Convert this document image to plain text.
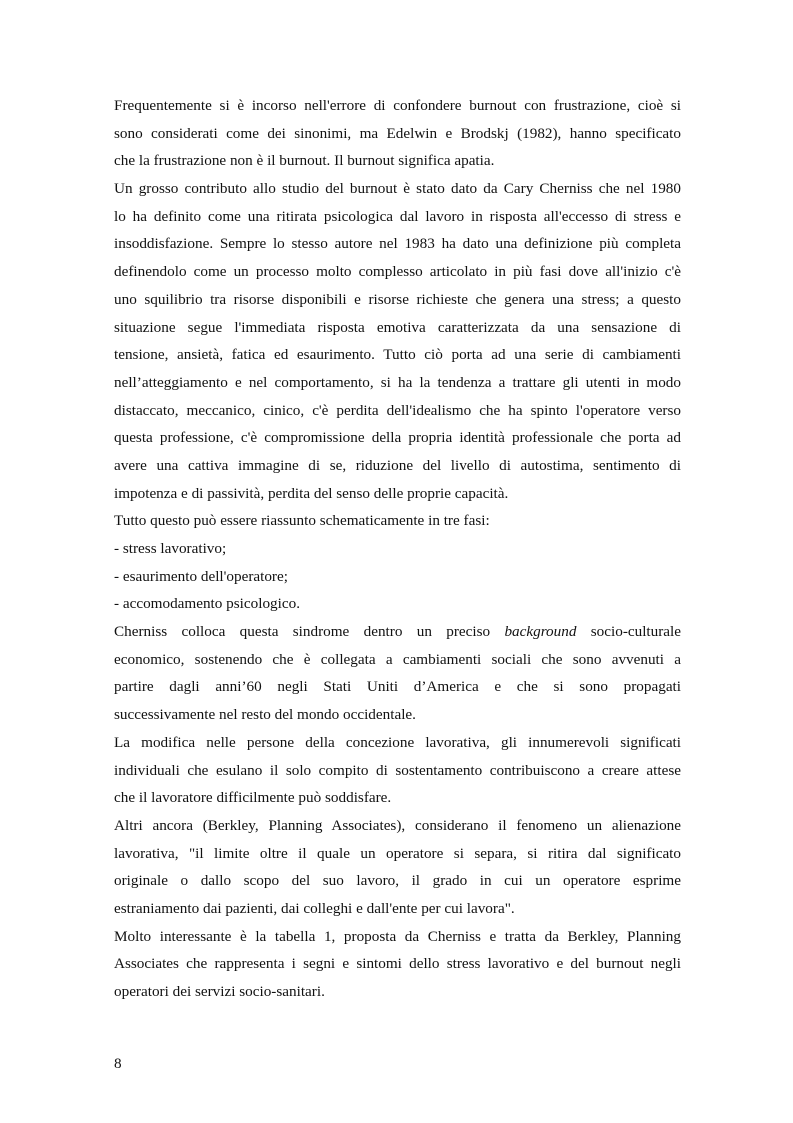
Frequentemente si è incorso nell'errore di confondere burnout con frustrazione, cioè si
sono considerati come dei sinonimi, ma Edelwin e Brodskj (1982), hanno specificato
che la frustrazione non è il burnout. Il burnout significa apatia.
Un grosso contributo allo studio del burnout è stato dato da Cary Cherniss che nel 1980
lo ha definito come una ritirata psicologica dal lavoro in risposta all'eccesso di stress e
insoddisfazione. Sempre lo stesso autore nel 1983 ha dato una definizione più completa
definendolo come un processo molto complesso articolato in più fasi dove all'inizio c'è
uno squilibrio tra risorse disponibili e risorse richieste che genera una stress; a questo
situazione segue l'immediata risposta emotiva caratterizzata da una sensazione di
tensione, ansietà, fatica ed esaurimento. Tutto ciò porta ad una serie di cambiamenti
nell’atteggiamento e nel comportamento, si ha la tendenza a trattare gli utenti in modo
distaccato, meccanico, cinico, c'è perdita dell'idealismo che ha spinto l'operatore verso
questa professione, c'è compromissione della propria identità professionale che porta ad
avere una cattiva immagine di se, riduzione del livello di autostima, sentimento di
impotenza e di passività, perdita del senso delle proprie capacità.
Tutto questo può essere riassunto schematicamente in tre fasi:
- stress lavorativo;
- esaurimento dell'operatore;
- accomodamento psicologico.
Cherniss colloca questa sindrome dentro un preciso background socio-culturale
economico, sostenendo che è collegata a cambiamenti sociali che sono avvenuti a
partire dagli anni’60 negli Stati Uniti d’America e che si sono propagati
successivamente nel resto del mondo occidentale.
La modifica nelle persone della concezione lavorativa, gli innumerevoli significati
individuali che esulano il solo compito di sostentamento contribuiscono a creare attese
che il lavoratore difficilmente può soddisfare.
Altri ancora (Berkley, Planning Associates), considerano il fenomeno un alienazione
lavorativa, "il limite oltre il quale un operatore si separa, si ritira dal significato
originale o dallo scopo del suo lavoro, il grado in cui un operatore esprime
estraniamento dai pazienti, dai colleghi e dall'ente per cui lavora".
Molto interessante è la tabella 1, proposta da Cherniss e tratta da Berkley, Planning
Associates che rappresenta i segni e sintomi dello stress lavorativo e del burnout negli
operatori dei servizi socio-sanitari.
8
